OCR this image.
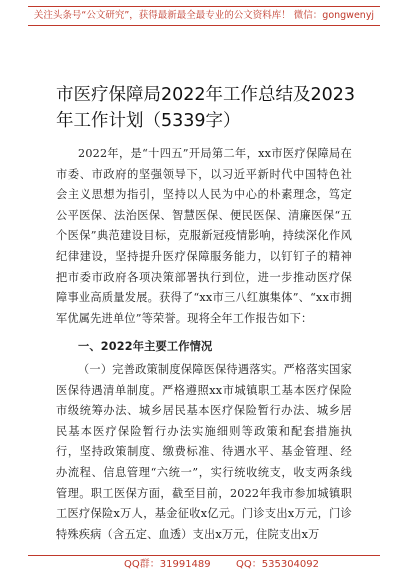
关注头条号“公文研究”，获得最新最全最专业的公文资料库！ 微信：gongwenyj
市医疗保障局2022年工作总结及2023年工作计划（5339字）

2022年，是“十四五”开局第二年，xx市医疗保障局在市委、市政府的坚强领导下，以习近平新时代中国特色社会主义思想为指引，坚持以人民为中心的朴素理念，笃定公平医保、法治医保、智慧医保、便民医保、清廉医保“五个医保”典范建设目标，克服新冠疫情影响，持续深化作风纪律建设，坚持提升医疗保障服务能力，以钉钉子的精神把市委市政府各项决策部署执行到位，进一步推动医疗保障事业高质量发展。获得了“xx市三八红旗集体”、“xx市拥军优属先进单位”等荣誉。现将全年工作报告如下：

一、2022年主要工作情况

（一）完善政策制度保障医保待遇落实。严格落实国家医保待遇清单制度。严格遵照xx市城镇职工基本医疗保险市级统筹办法、城乡居民基本医疗保险暂行办法、城乡居民基本医疗保险暂行办法实施细则等政策和配套措施执行，坚持政策制度、缴费标准、待遇水平、基金管理、经办流程、信息管理“六统一”，实行统收统支，收支两条线管理。职工医保方面，截至目前，2022年我市参加城镇职工医疗保险x万人，基金征收x亿元。门诊支出x万元，门诊特殊疾病（含五定、血透）支出x万元，住院支出x万

QQ群：31991489	QQ：535304092
